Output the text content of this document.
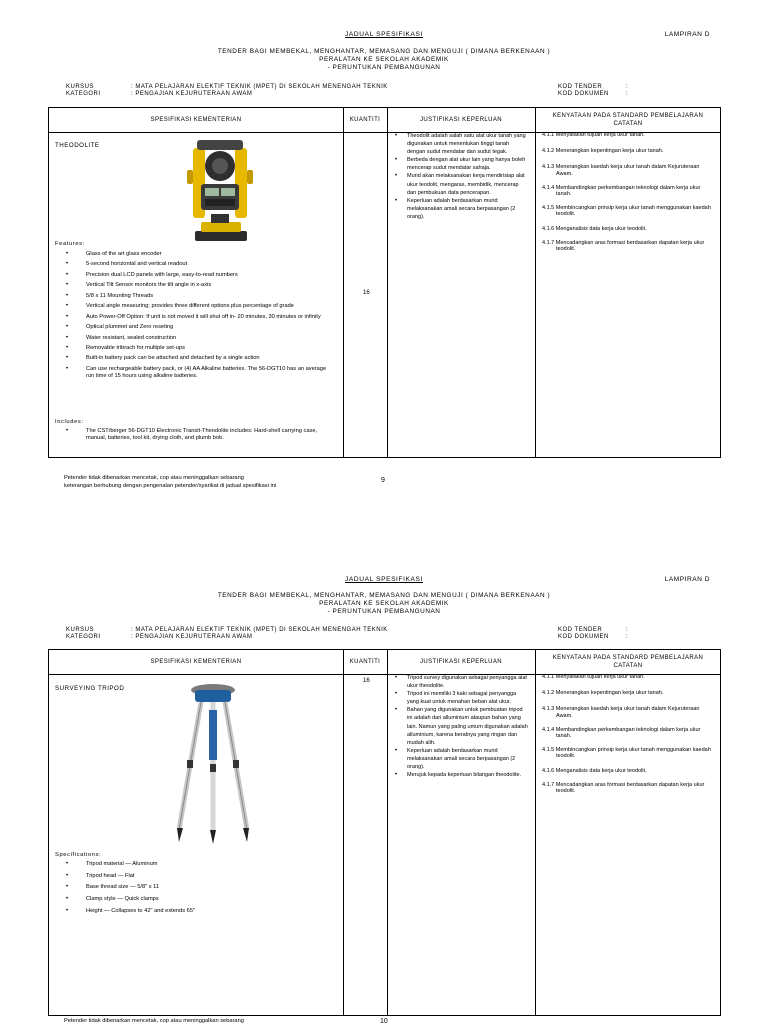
JADUAL SPESIFIKASI	LAMPIRAN D
TENDER BAGI MEMBEKAL, MENGHANTAR, MEMASANG DAN MENGUJI ( DIMANA BERKENAAN )
PERALATAN KE SEKOLAH AKADEMIK
- PERUNTUKAN PEMBANGUNAN
KURSUS	: MATA PELAJARAN ELEKTIF TEKNIK (MPET) DI SEKOLAH MENENGAH TEKNIK
KATEGORI	: PENGAJIAN KEJURUTERAAN AWAM
KOD TENDER	:
KOD DOKUMEN	:
SPESIFIKASI KEMENTERIAN	KUANTITI	JUSTIFIKASI KEPERLUAN
KENYATAAN PADA STANDARD PEMBELAJARAN CATATAN
THEODOLITE
Features:
• Glass of the art glass encoder
• 5-second horizontal and vertical readout
• Precision dual LCD panels with large, easy-to-read numbers
• Vertical Tilt Sensor monitors the tilt angle in x-axis
• 5/8 x 11 Mounting Threads
• Vertical angle measuring; provides three different options plus percentage of grade
• Auto Power-Off Option: If unit is not moved it will shut off in- 20 minutes, 30 minutes or infinity
• Optical plummet and Zero reseting
• Water resistant, sealed construction
• Removable tribrach for multiple set-ups
• Built-in battery pack can be attached and detached by a single action
• Can use rechargeable battery pack, or (4) AA Alkaline batteries. The 56-DGT10 has an average run time of 15 hours using alkaline batteries.
Includes:
• The CST/berger 56-DGT10 Electronic Transit-Theodolite includes: Hard-shell carrying case, manual, batteries, tool kit, drying cloth, and plumb bob.
16
• Theodolit adalah salah satu alat ukur tanah yang digunakan untuk menentukan tinggi tanah dengan sudut mendatar dan sudut tegak.
• Berbeda dengan alat ukur lain yang hanya boleh mencerap sudut mendatar sahaja.
• Murid akan melaksanakan kerja mendirisiap alat ukur teodolit, mengaras, membidik, mencerap dan pembukuan data pencerapan.
• Keperluan adalah berdasarkan murid melaksanakan amali secara berpasangan (2 orang).
4.1.1 Menyatakan tujuan kerja ukur tanah.
4.1.2 Menerangkan kepentingan kerja ukur tanah.
4.1.3 Menerangkan kaedah kerja ukur tanah dalam Kejuruteraan Awam.
4.1.4 Membandingkan perkembangan teknologi dalam kerja ukur tanah.
4.1.5 Membincangkan prinsip kerja ukur tanah menggunakan kaedah teodolit.
4.1.6 Menganalisis data kerja ukur teodolit.
4.1.7 Mencadangkan aras formasi berdasarkan dapatan kerja ukur teodolit.
Petender tidak dibenarkan mencetak, cop atau meninggalkan sebarang
keterangan berhubung dengan pengenalan petender/syarikat di jadual spesifikasi ini
9
JADUAL SPESIFIKASI	LAMPIRAN D
TENDER BAGI MEMBEKAL, MENGHANTAR, MEMASANG DAN MENGUJI ( DIMANA BERKENAAN )
PERALATAN KE SEKOLAH AKADEMIK
- PERUNTUKAN PEMBANGUNAN
KURSUS	: MATA PELAJARAN ELEKTIF TEKNIK (MPET) DI SEKOLAH MENENGAH TEKNIK
KATEGORI	: PENGAJIAN KEJURUTERAAN AWAM
KOD TENDER	:
KOD DOKUMEN	:
SPESIFIKASI KEMENTERIAN	KUANTITI	JUSTIFIKASI KEPERLUAN
KENYATAAN PADA STANDARD PEMBELAJARAN CATATAN
SURVEYING TRIPOD
Specifications:
• Tripod material — Aluminum
• Tripod head — Flat
• Base thread size — 5/8" x 11
• Clamp style — Quick clamps
• Height — Collapses to 42" and extends 65"
16
•	Tripod survey digunakan sebagai penyangga alat ukur theodolite.
• Tripod ini memiliki 3 kaki sebagai penyangga yang kuat untuk menahan beban alat ukur.
• Bahan yang digunakan untuk pembuatan tripod ini adalah dari alluminium ataupun bahan yang lain. Namun yang paling umum digunakan adalah alluminium, karena beratnya yang ringan dan mudah alih.
• Keperluan adalah berdasarkan murid melaksanakan amali secara berpasangan (2 orang).
• Merujuk kepada keperluan bilangan theodolite.
4.1.1 Menyatakan tujuan kerja ukur tanah.
4.1.2 Menerangkan kepentingan kerja ukur tanah.
4.1.3 Menerangkan kaedah kerja ukur tanah dalam Kejuruteraan Awam.
4.1.4 Membandingkan perkembangan teknologi dalam kerja ukur tanah.
4.1.5 Membincangkan prinsip kerja ukur tanah menggunakan kaedah teodolit.
4.1.6 Menganalisis data kerja ukur teodolit.
4.1.7 Mencadangkan aras formasi berdasarkan dapatan kerja ukur teodolit.
Petender tidak dibenarkan mencetak, cop atau meninggalkan sebarang	10
